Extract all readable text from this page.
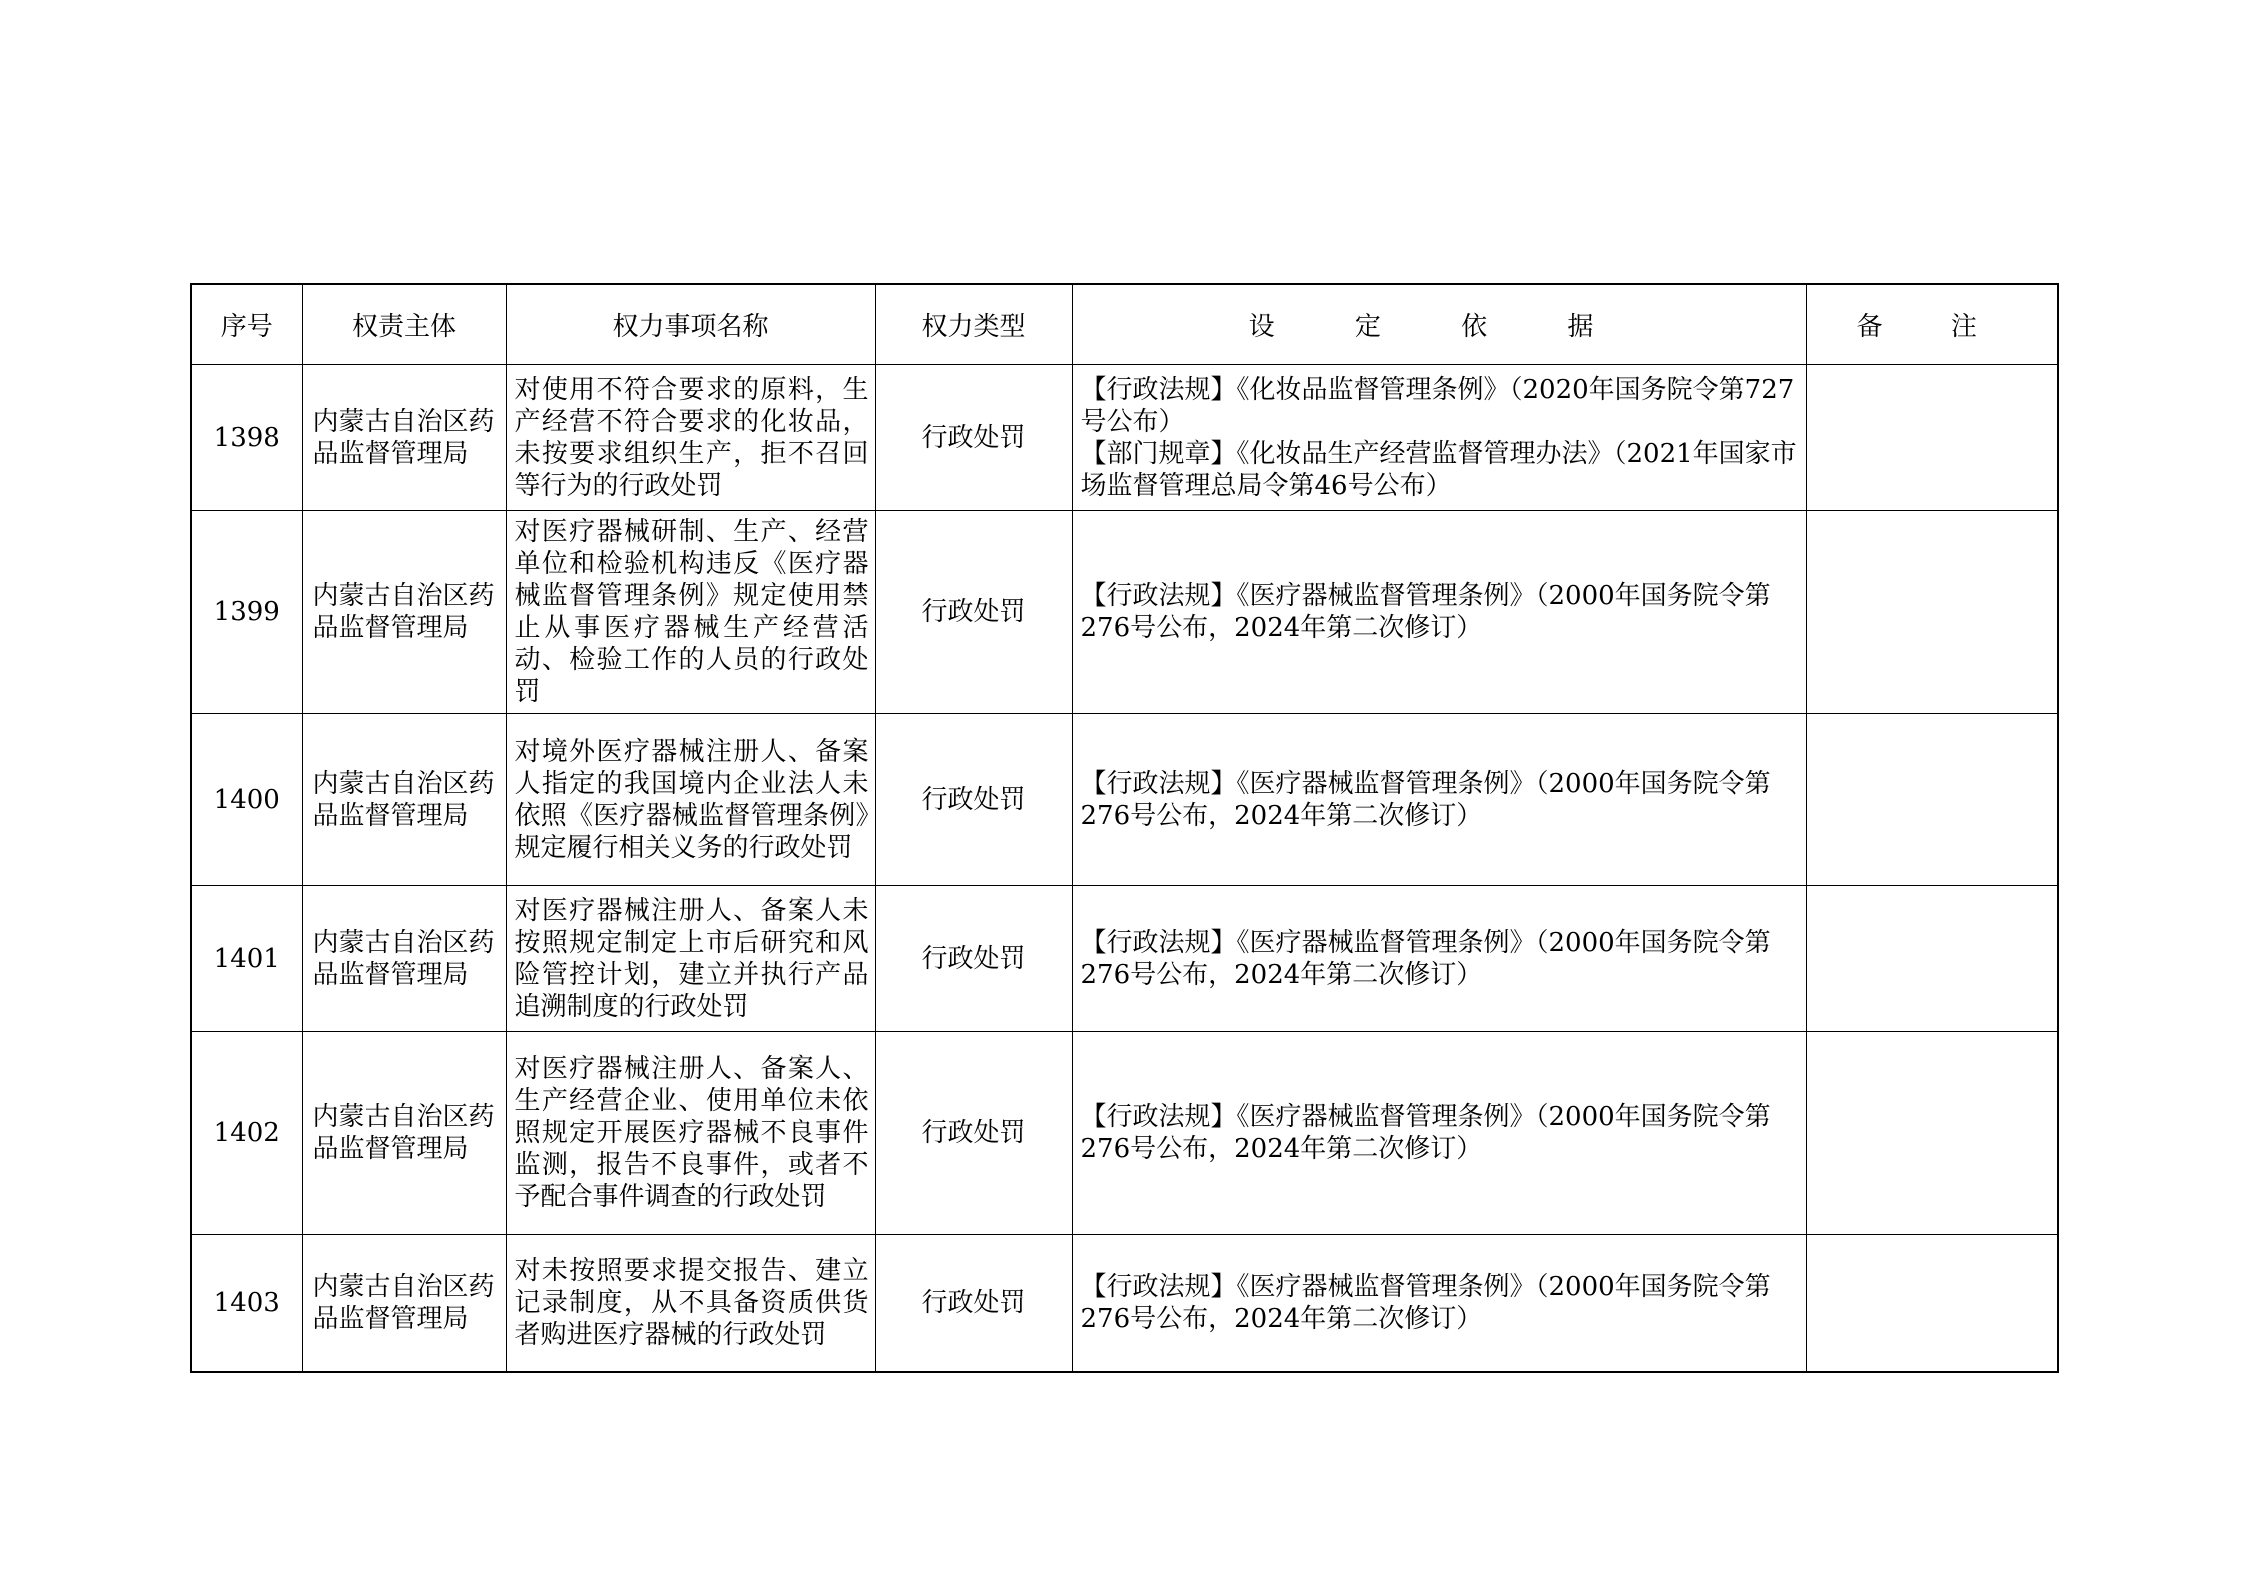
序号	权责主体	权力事项名称	权力类型	设 定 依 据	备 注
1398	内蒙古自治区药品监督管理局	对使用不符合要求的原料，生产经营不符合要求的化妆品，未按要求组织生产，拒不召回等行为的行政处罚	行政处罚	【行政法规】《化妆品监督管理条例》（2020年国务院令第727号公布）
【部门规章】《化妆品生产经营监督管理办法》（2021年国家市场监督管理总局令第46号公布）	

1399	内蒙古自治区药品监督管理局	对医疗器械研制、生产、经营单位和检验机构违反《医疗器械监督管理条例》规定使用禁止从事医疗器械生产经营活动、检验工作的人员的行政处罚	行政处罚	【行政法规】《医疗器械监督管理条例》（2000年国务院令第276号公布，2024年第二次修订）	

1400	内蒙古自治区药品监督管理局	对境外医疗器械注册人、备案人指定的我国境内企业法人未依照《医疗器械监督管理条例》规定履行相关义务的行政处罚	行政处罚	【行政法规】《医疗器械监督管理条例》（2000年国务院令第276号公布，2024年第二次修订）	

1401	内蒙古自治区药品监督管理局	对医疗器械注册人、备案人未按照规定制定上市后研究和风险管控计划，建立并执行产品追溯制度的行政处罚	行政处罚	【行政法规】《医疗器械监督管理条例》（2000年国务院令第276号公布，2024年第二次修订）	

1402	内蒙古自治区药品监督管理局	对医疗器械注册人、备案人、生产经营企业、使用单位未依照规定开展医疗器械不良事件监测，报告不良事件，或者不予配合事件调查的行政处罚	行政处罚	【行政法规】《医疗器械监督管理条例》（2000年国务院令第276号公布，2024年第二次修订）	

1403	内蒙古自治区药品监督管理局	对未按照要求提交报告、建立记录制度，从不具备资质供货者购进医疗器械的行政处罚	行政处罚	【行政法规】《医疗器械监督管理条例》（2000年国务院令第276号公布，2024年第二次修订）	
